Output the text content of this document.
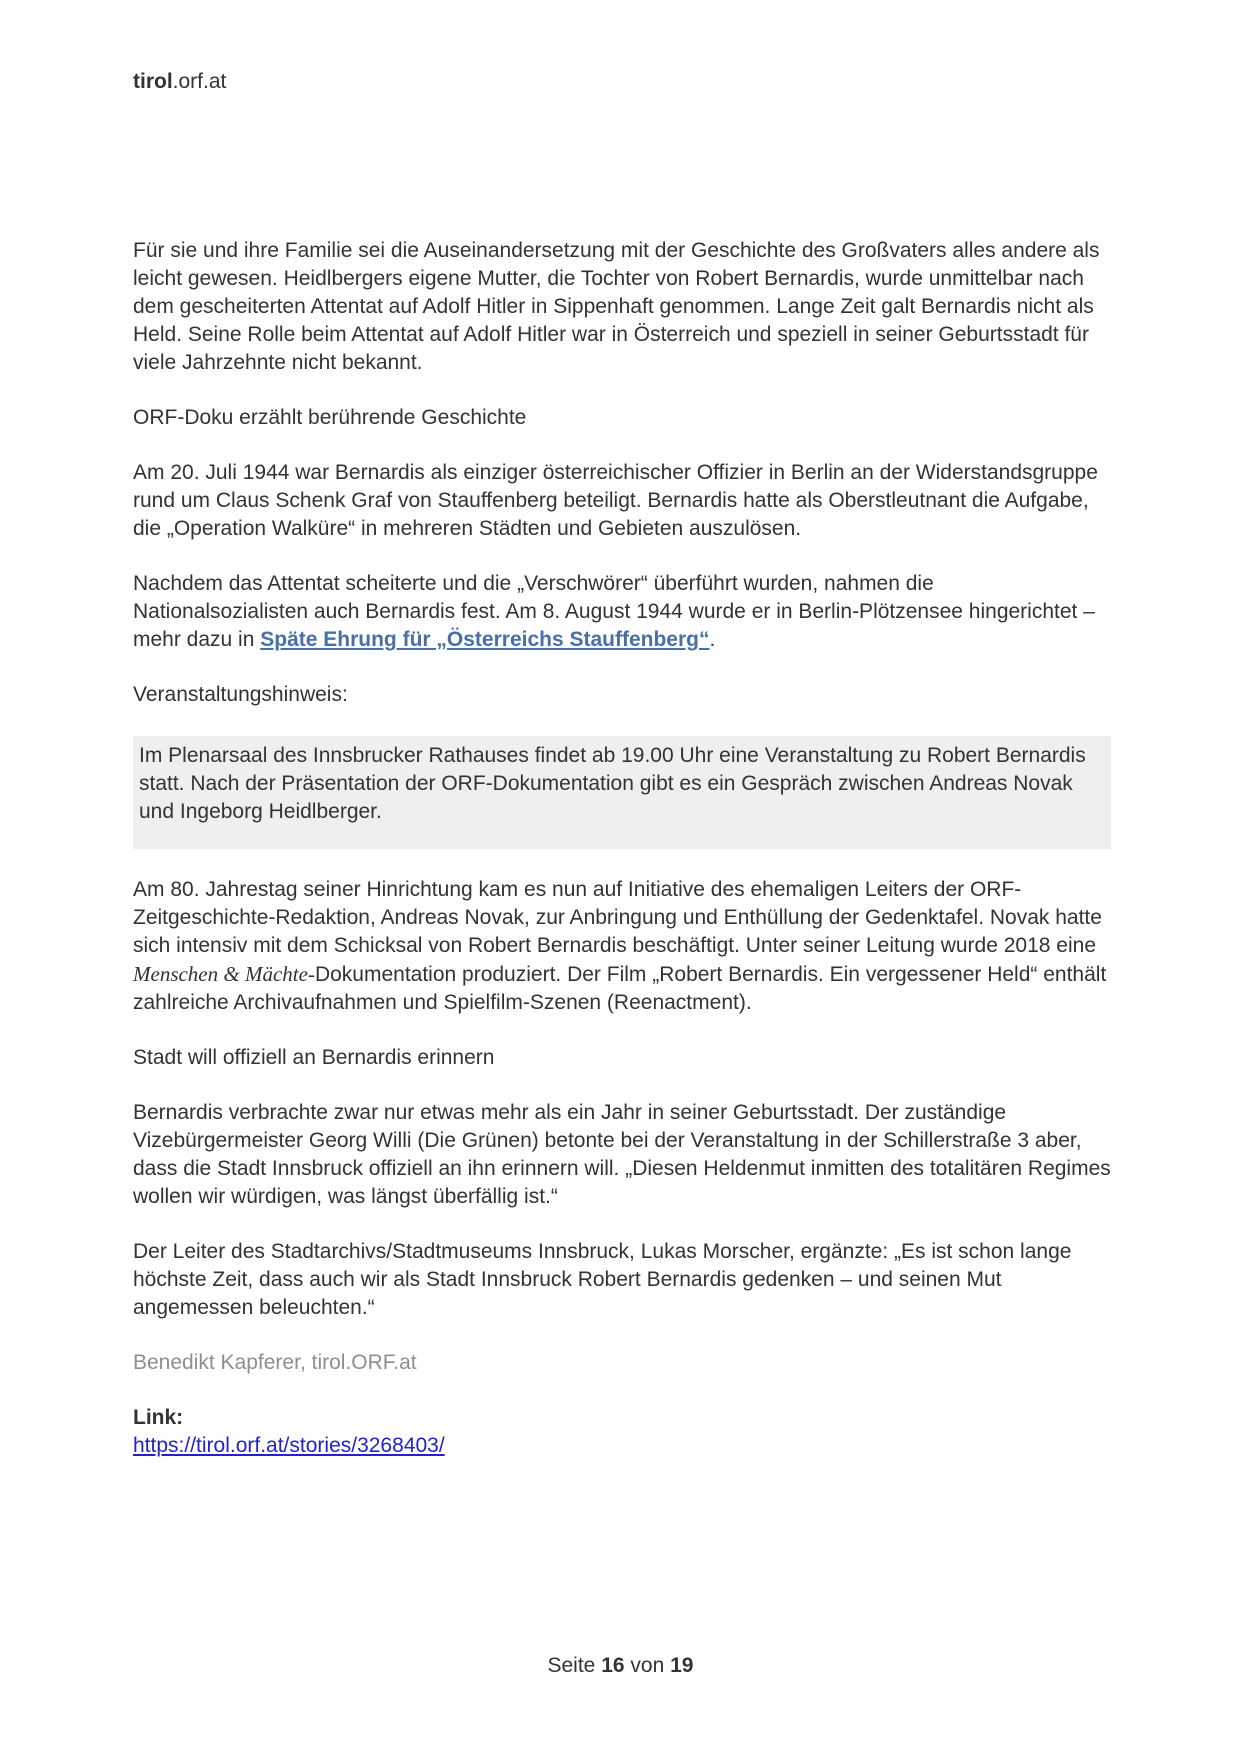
tirol.orf.at

Für sie und ihre Familie sei die Auseinandersetzung mit der Geschichte des Großvaters alles andere als leicht gewesen. Heidlbergers eigene Mutter, die Tochter von Robert Bernardis, wurde unmittelbar nach dem gescheiterten Attentat auf Adolf Hitler in Sippenhaft genommen. Lange Zeit galt Bernardis nicht als Held. Seine Rolle beim Attentat auf Adolf Hitler war in Österreich und speziell in seiner Geburtsstadt für viele Jahrzehnte nicht bekannt.

ORF-Doku erzählt berührende Geschichte

Am 20. Juli 1944 war Bernardis als einziger österreichischer Offizier in Berlin an der Widerstandsgruppe rund um Claus Schenk Graf von Stauffenberg beteiligt. Bernardis hatte als Oberstleutnant die Aufgabe, die „Operation Walküre“ in mehreren Städten und Gebieten auszulösen.

Nachdem das Attentat scheiterte und die „Verschwörer“ überführt wurden, nahmen die Nationalsozialisten auch Bernardis fest. Am 8. August 1944 wurde er in Berlin-Plötzensee hingerichtet – mehr dazu in Späte Ehrung für „Österreichs Stauffenberg“.

Veranstaltungshinweis:

Im Plenarsaal des Innsbrucker Rathauses findet ab 19.00 Uhr eine Veranstaltung zu Robert Bernardis statt. Nach der Präsentation der ORF-Dokumentation gibt es ein Gespräch zwischen Andreas Novak und Ingeborg Heidlberger.

Am 80. Jahrestag seiner Hinrichtung kam es nun auf Initiative des ehemaligen Leiters der ORF-Zeitgeschichte-Redaktion, Andreas Novak, zur Anbringung und Enthüllung der Gedenktafel. Novak hatte sich intensiv mit dem Schicksal von Robert Bernardis beschäftigt. Unter seiner Leitung wurde 2018 eine Menschen & Mächte-Dokumentation produziert. Der Film „Robert Bernardis. Ein vergessener Held“ enthält zahlreiche Archivaufnahmen und Spielfilm-Szenen (Reenactment).

Stadt will offiziell an Bernardis erinnern

Bernardis verbrachte zwar nur etwas mehr als ein Jahr in seiner Geburtsstadt. Der zuständige Vizebürgermeister Georg Willi (Die Grünen) betonte bei der Veranstaltung in der Schillerstraße 3 aber, dass die Stadt Innsbruck offiziell an ihn erinnern will. „Diesen Heldenmut inmitten des totalitären Regimes wollen wir würdigen, was längst überfällig ist.“

Der Leiter des Stadtarchivs/Stadtmuseums Innsbruck, Lukas Morscher, ergänzte: „Es ist schon lange höchste Zeit, dass auch wir als Stadt Innsbruck Robert Bernardis gedenken – und seinen Mut angemessen beleuchten.“

Benedikt Kapferer, tirol.ORF.at

Link:
https://tirol.orf.at/stories/3268403/
Seite 16 von 19
